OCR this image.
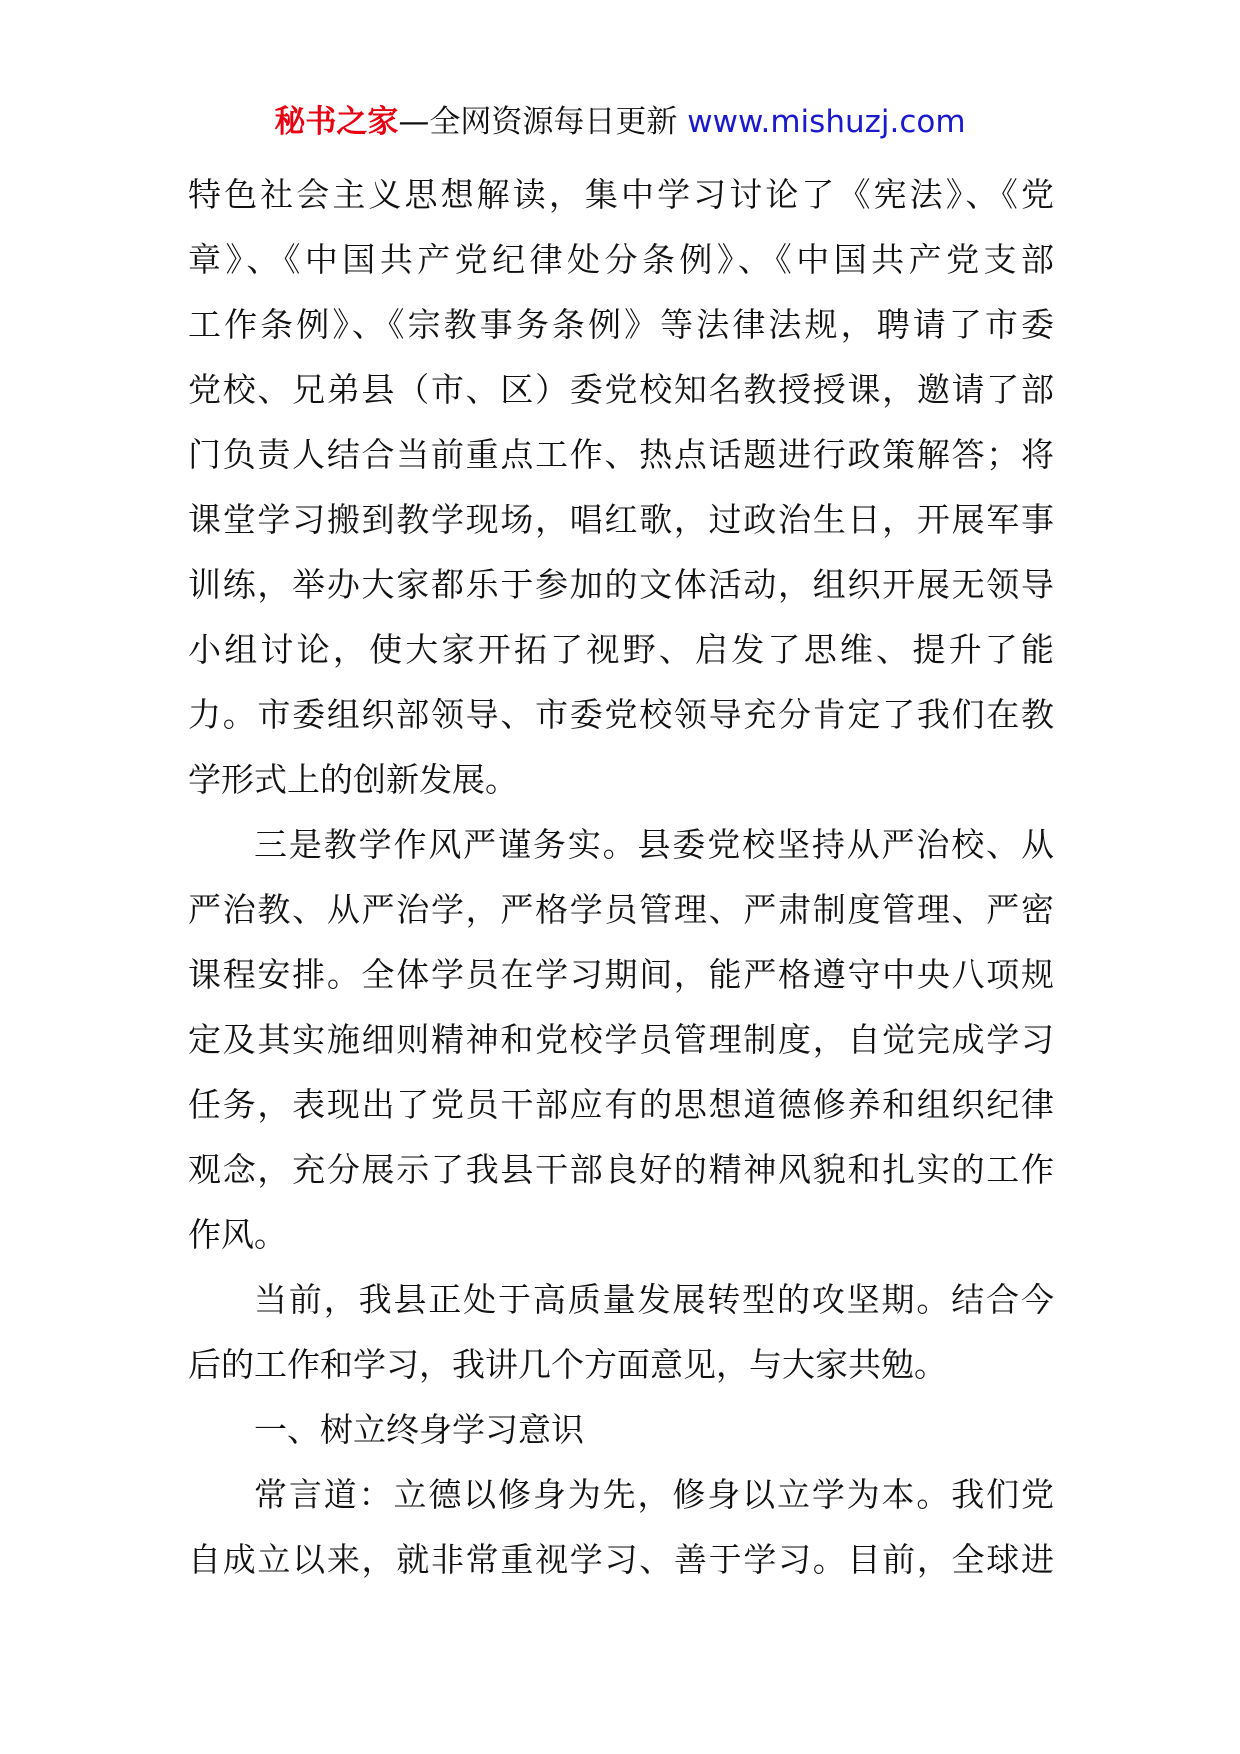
秘书之家—全网资源每日更新 www.mishuzj.com
特色社会主义思想解读，集中学习讨论了《宪法》、《党
章》、《中国共产党纪律处分条例》、《中国共产党支部
工作条例》、《宗教事务条例》等法律法规，聘请了市委
党校、兄弟县（市、区）委党校知名教授授课，邀请了部
门负责人结合当前重点工作、热点话题进行政策解答；将
课堂学习搬到教学现场，唱红歌，过政治生日，开展军事
训练，举办大家都乐于参加的文体活动，组织开展无领导
小组讨论，使大家开拓了视野、启发了思维、提升了能
力。市委组织部领导、市委党校领导充分肯定了我们在教
学形式上的创新发展。
三是教学作风严谨务实。县委党校坚持从严治校、从
严治教、从严治学，严格学员管理、严肃制度管理、严密
课程安排。全体学员在学习期间，能严格遵守中央八项规
定及其实施细则精神和党校学员管理制度，自觉完成学习
任务，表现出了党员干部应有的思想道德修养和组织纪律
观念，充分展示了我县干部良好的精神风貌和扎实的工作
作风。
当前，我县正处于高质量发展转型的攻坚期。结合今
后的工作和学习，我讲几个方面意见，与大家共勉。
一、树立终身学习意识
常言道：立德以修身为先，修身以立学为本。我们党
自成立以来，就非常重视学习、善于学习。目前，全球进
